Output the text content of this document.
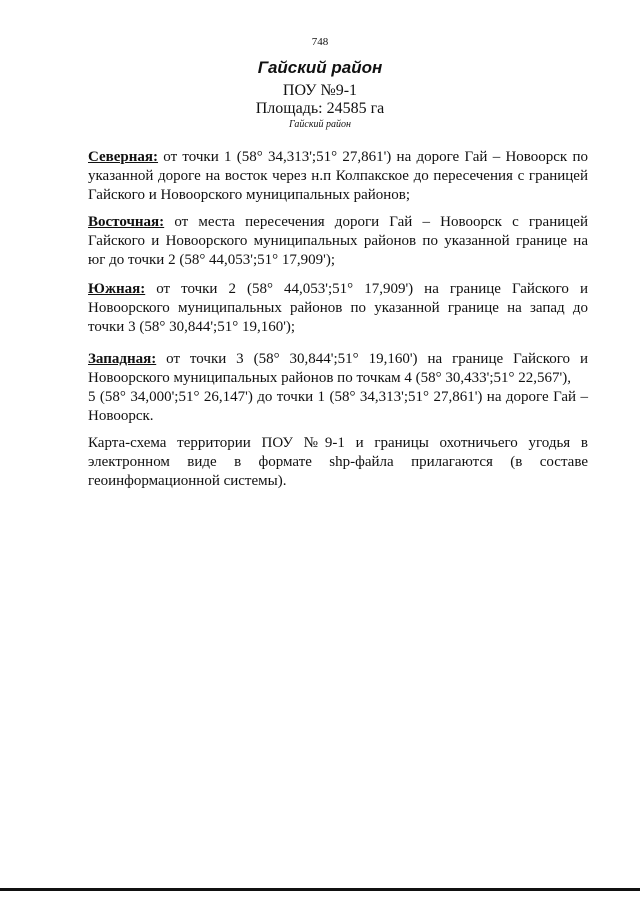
748
Гайский район
ПОУ №9-1
Площадь: 24585 га
Гайский район
Северная: от точки 1 (58° 34,313';51° 27,861') на дороге Гай – Новоорск по
указанной дороге на восток через н.п Колпакское до пересечения с границей
Гайского и Новоорского муниципальных районов;
Восточная: от места пересечения дороги Гай – Новоорск с границей
Гайского и Новоорского муниципальных районов по указанной границе на
юг до точки 2 (58° 44,053';51° 17,909');
Южная: от точки 2 (58° 44,053';51° 17,909') на границе Гайского и
Новоорского муниципальных районов по указанной границе на запад до
точки 3 (58° 30,844';51° 19,160');
Западная: от точки 3 (58° 30,844';51° 19,160') на границе Гайского и
Новоорского муниципальных районов по точкам 4 (58° 30,433';51° 22,567'),
5 (58° 34,000';51° 26,147') до точки 1 (58° 34,313';51° 27,861') на дороге Гай –
Новоорск.
Карта-схема территории ПОУ №9-1 и границы охотничьего угодья в
электронном виде в формате shp-файла прилагаются (в составе
геоинформационной системы).
